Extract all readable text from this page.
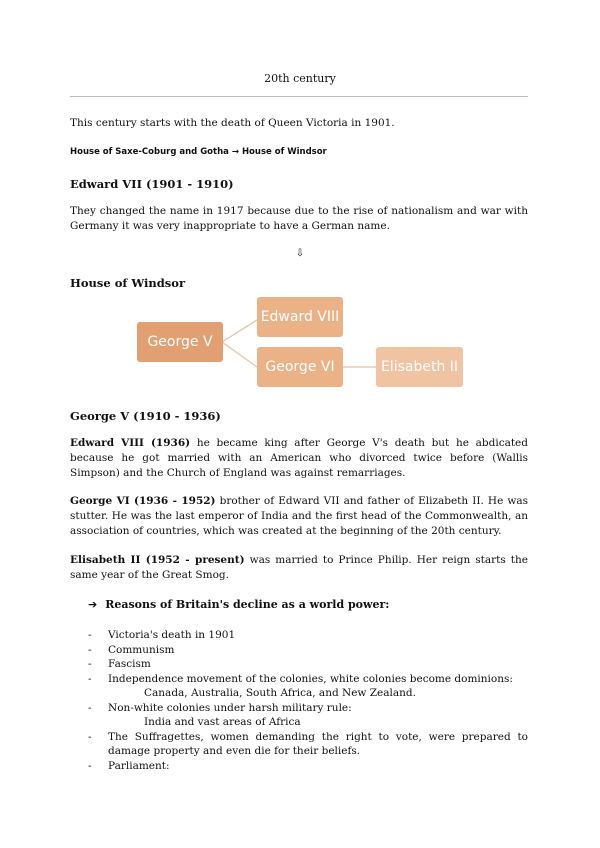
20th century
This century starts with the death of Queen Victoria in 1901.
House of Saxe-Coburg and Gotha → House of Windsor
Edward VII (1901 - 1910)
They changed the name in 1917 because due to the rise of nationalism and war with Germany it was very inappropriate to have a German name.
⇩
House of Windsor
George V
Edward VIII
George VI	Elisabeth II
George V (1910 - 1936)
Edward VIII (1936) he became king after George V's death but he abdicated because he got married with an American who divorced twice before (Wallis Simpson) and the Church of England was against remarriages.
George VI (1936 - 1952) brother of Edward VII and father of Elizabeth II. He was stutter. He was the last emperor of India and the first head of the Commonwealth, an association of countries, which was created at the beginning of the 20th century.
Elisabeth II (1952 - present) was married to Prince Philip. Her reign starts the same year of the Great Smog.
➔ Reasons of Britain's decline as a world power:
- Victoria's death in 1901
- Communism
- Fascism
- Independence movement of the colonies, white colonies become dominions:
Canada, Australia, South Africa, and New Zealand.
- Non-white colonies under harsh military rule:
India and vast areas of Africa
- The Suffragettes, women demanding the right to vote, were prepared to damage property and even die for their beliefs.
- Parliament:
